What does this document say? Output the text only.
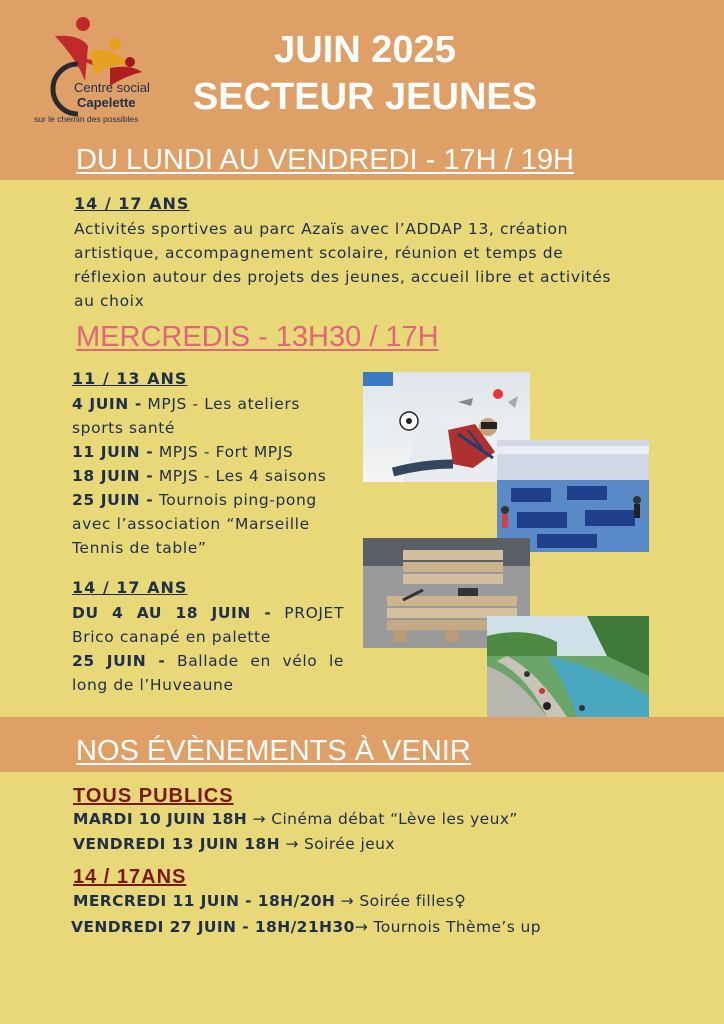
Centre social
Capelette
sur le chemin des possibles
JUIN 2025
SECTEUR JEUNES
DU LUNDI AU VENDREDI - 17H / 19H
14 / 17 ANS
Activités sportives au parc Azaïs avec l’ADDAP 13, création
artistique, accompagnement scolaire, réunion et temps de
réflexion autour des projets des jeunes, accueil libre et activités
au choix
MERCREDIS - 13H30 / 17H
11 / 13 ANS
4 JUIN - MPJS - Les ateliers
sports santé
11 JUIN - MPJS - Fort MPJS
18 JUIN - MPJS - Les 4 saisons
25 JUIN - Tournois ping-pong
avec l’association “Marseille
Tennis de table”
14 / 17 ANS
DU 4 AU 18 JUIN - PROJET
Brico canapé en palette
25 JUIN - Ballade en vélo le
long de l’Huveaune
NOS ÉVÈNEMENTS À VENIR
TOUS PUBLICS
MARDI 10 JUIN 18H → Cinéma débat “Lève les yeux”
VENDREDI 13 JUIN 18H → Soirée jeux
14 / 17ANS
MERCREDI 11 JUIN - 18H/20H → Soirée filles♀
VENDREDI 27 JUIN - 18H/21H30→ Tournois Thème’s up
